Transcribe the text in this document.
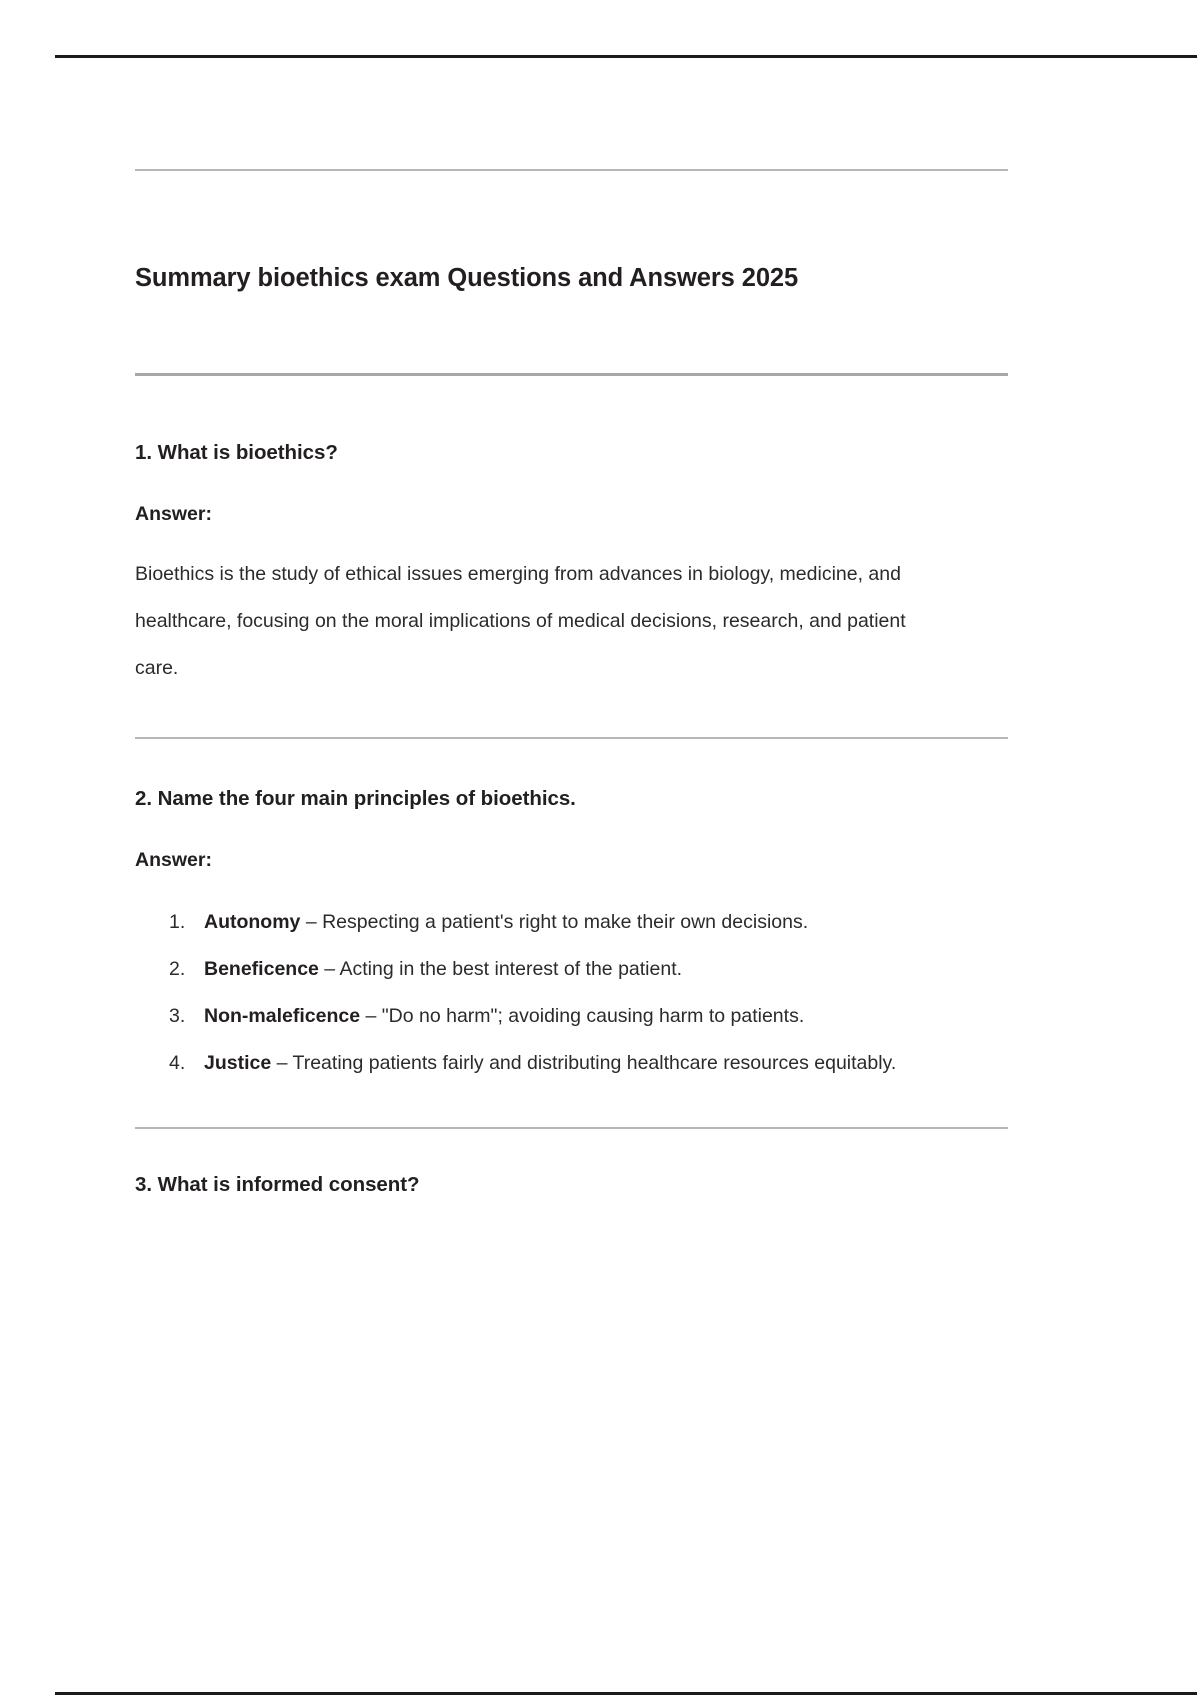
Summary bioethics exam Questions and Answers 2025
1. What is bioethics?
Answer:

Bioethics is the study of ethical issues emerging from advances in biology, medicine, and healthcare, focusing on the moral implications of medical decisions, research, and patient care.

2. Name the four main principles of bioethics.
Answer:
1. Autonomy – Respecting a patient's right to make their own decisions.
2. Beneficence – Acting in the best interest of the patient.
3. Non-maleficence – "Do no harm"; avoiding causing harm to patients.
4. Justice – Treating patients fairly and distributing healthcare resources equitably.
3. What is informed consent?
